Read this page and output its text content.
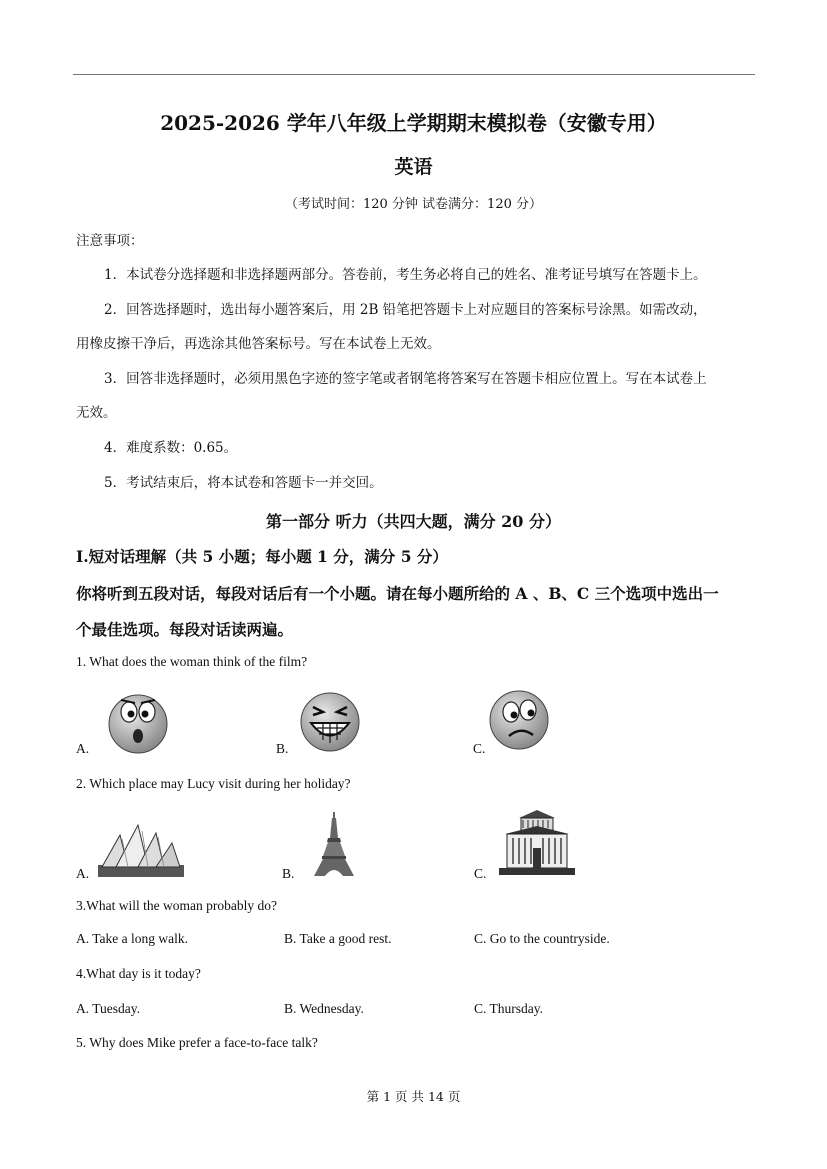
2025-2026 学年八年级上学期期末模拟卷（安徽专用）
英语
（考试时间：120 分钟 试卷满分：120 分）
注意事项：
1．本试卷分选择题和非选择题两部分。答卷前，考生务必将自己的姓名、准考证号填写在答题卡上。
2．回答选择题时，选出每小题答案后，用 2B 铅笔把答题卡上对应题目的答案标号涂黑。如需改动，
用橡皮擦干净后，再选涂其他答案标号。写在本试卷上无效。
3．回答非选择题时，必须用黑色字迹的签字笔或者钢笔将答案写在答题卡相应位置上。写在本试卷上
无效。
4．难度系数：0.65。
5．考试结束后，将本试卷和答题卡一并交回。
第一部分 听力（共四大题，满分 20 分）
I.短对话理解（共 5 小题；每小题 1 分，满分 5 分）
你将听到五段对话，每段对话后有一个小题。请在每小题所给的 A 、B、C 三个选项中选出一
个最佳选项。每段对话读两遍。
1. What does the woman think of the film?
A.	B.	C.
2. Which place may Lucy visit during her holiday?
A.	B.	C.
3.What will the woman probably do?
A. Take a long walk.	B. Take a good rest.	C. Go to the countryside.
4.What day is it today?
A. Tuesday.	B. Wednesday.	C. Thursday.
5. Why does Mike prefer a face-to-face talk?
第 1 页 共 14 页
